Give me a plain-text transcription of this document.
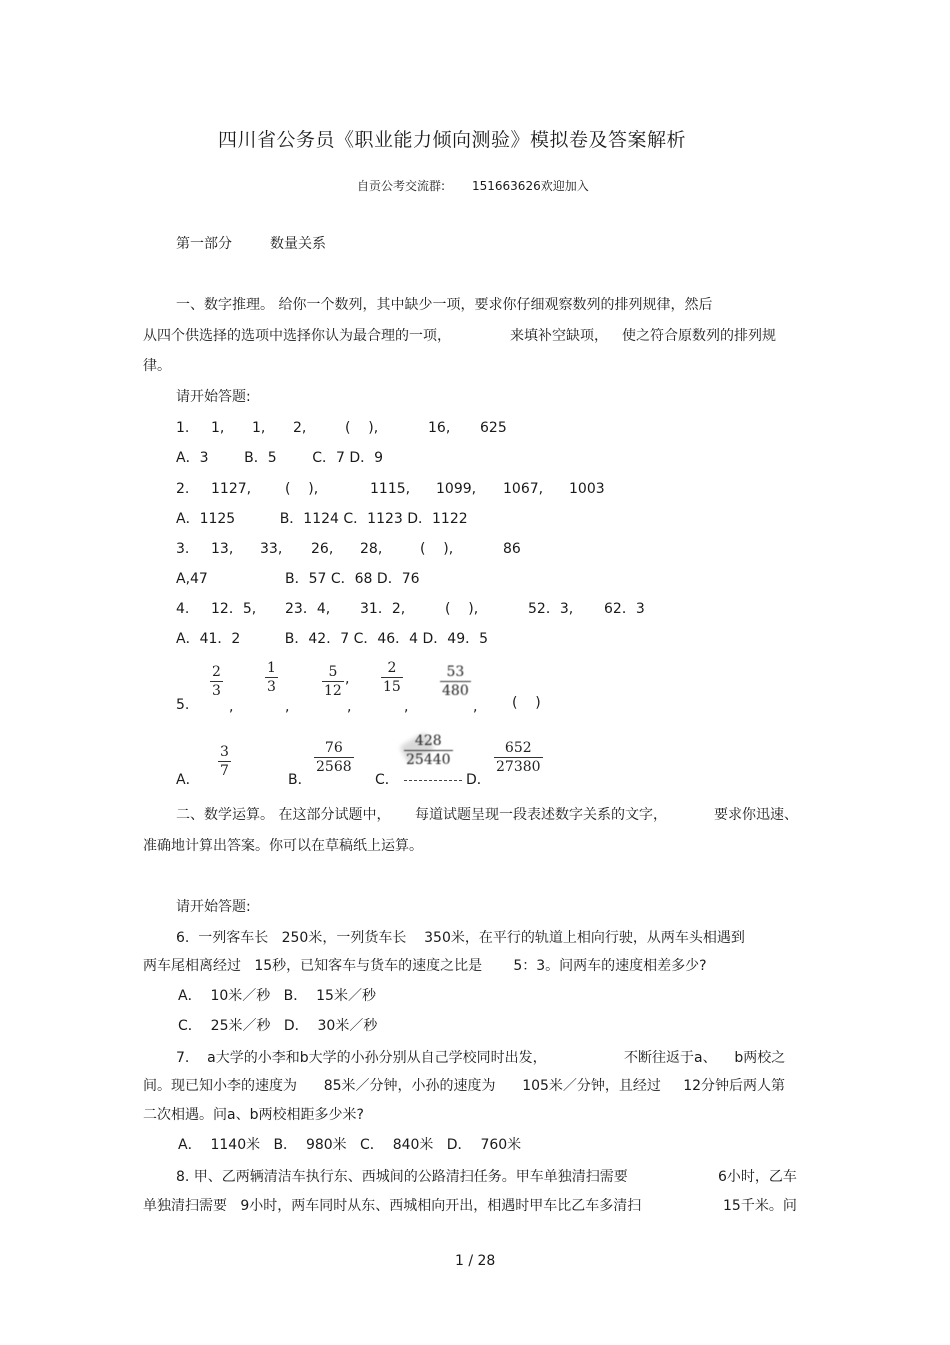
四川省公务员《职业能力倾向测验》模拟卷及答案解析
自贡公考交流群: 151663626欢迎加入
第一部分	数量关系
一、数字推理。 给你一个数列，其中缺少一项，要求你仔细观察数列的排列规律，然后
从四个供选择的选项中选择你认为最合理的一项，	来填补空缺项， 使之符合原数列的排列规
律。
请开始答题:
1. 1, 1, 2,	(    ),	16, 625
A．3        B．5        C．7 D．9
2. 1127, (    ),	1115, 1099, 1067, 1003
A．1125          B．1124 C．1123 D．1122
3. 13, 33, 26, 28,	(    ),	86
A,47	B．57 C．68 D．76
4. 12．5, 23．4, 31．2,	(    ),	52．3, 62．3
A．41．2          B．42．7 C．46．4 D．49．5
5.
2
3
,
1
3
,
5
12
,
,
2
15
,
53
480
, (    )
A．
3
7
B．
76
2568
C．
428
25440
D．
652
27380
二、数学运算。 在这部分试题中， 每道试题呈现一段表述数字关系的文字，	要求你迅速、
准确地计算出答案。你可以在草稿纸上运算。
请开始答题:
6.  一列客车长   250米，一列货车长    350米，在平行的轨道上相向行驶，从两车头相遇到
两车尾相离经过   15秒，已知客车与货车的速度之比是       5：3。问两车的速度相差多少?
A．  10米／秒   B．  15米／秒
C．  25米／秒   D．  30米／秒
7.    a大学的小李和b大学的小孙分别从自己学校同时出发，	不断往返于a、    b两校之
间。现已知小李的速度为      85米／分钟，小孙的速度为      105米／分钟，且经过     12分钟后两人第
二次相遇。问a、b两校相距多少米?
A．  1140米   B．  980米   C．  840米   D．  760米
8. 甲、乙两辆清洁车执行东、西城间的公路清扫任务。甲车单独清扫需要	6小时，乙车
单独清扫需要   9小时，两车同时从东、西城相向开出，相遇时甲车比乙车多清扫	15千米。问
1 / 28
